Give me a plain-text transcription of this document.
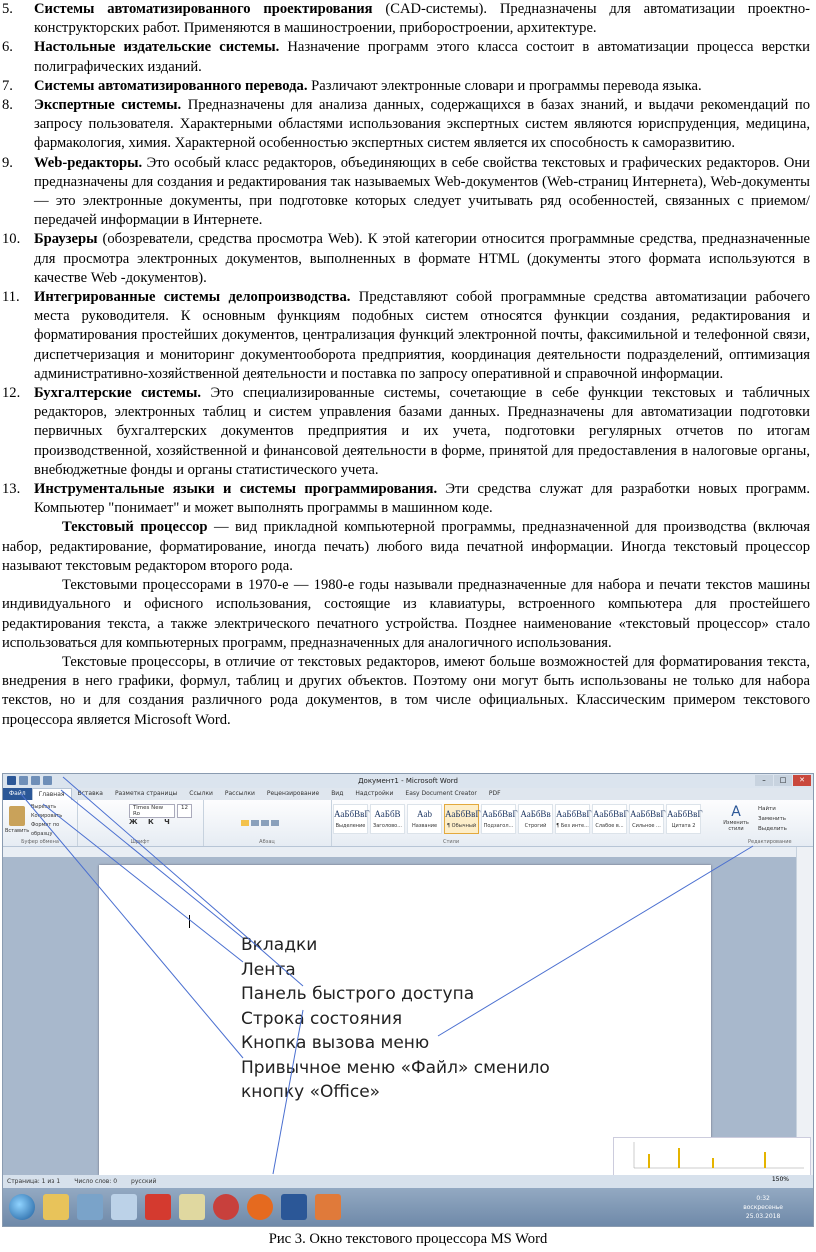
5. Системы автоматизированного проектирования (CAD-системы). Предназначены для автоматизации проектно-конструкторских работ. Применяются в машиностроении, приборостроении, архитектуре.

6. Настольные издательские системы. Назначение программ этого класса состоит в автоматизации процесса верстки полиграфических изданий.

7. Системы автоматизированного перевода. Различают электронные словари и программы перевода языка.

8. Экспертные системы. Предназначены для анализа данных, содержащихся в базах знаний, и выдачи рекомендаций по запросу пользователя. Характерными областями использования экспертных систем являются юриспруденция, медицина, фармакология, химия. Характерной особенностью экспертных систем является их способность к саморазвитию.

9. Web-редакторы. Это особый класс редакторов, объединяющих в себе свойства текстовых и графических редакторов. Они предназначены для создания и редактирования так называемых Web-документов (Web-страниц Интернета), Web-документы — это электронные документы, при подготовке которых следует учитывать ряд особенностей, связанных с приемом/передачей информации в Интернете.

10. Браузеры (обозреватели, средства просмотра Web). К этой категории относится программные средства, предназначенные для просмотра электронных документов, выполненных в формате HTML (документы этого формата используются в качестве Web -документов).

11. Интегрированные системы делопроизводства. Представляют собой программные средства автоматизации рабочего места руководителя. К основным функциям подобных систем относятся функции создания, редактирования и форматирования простейших документов, централизация функций электронной почты, факсимильной и телефонной связи, диспетчеризация и мониторинг документооборота предприятия, координация деятельности подразделений, оптимизация административно-хозяйственной деятельности и поставка по запросу оперативной и справочной информации.

12. Бухгалтерские системы. Это специализированные системы, сочетающие в себе функции текстовых и табличных редакторов, электронных таблиц и систем управления базами данных. Предназначены для автоматизации подготовки первичных бухгалтерских документов предприятия и их учета, подготовки регулярных отчетов по итогам производственной, хозяйственной и финансовой деятельности в форме, принятой для предоставления в налоговые органы, внебюджетные фонды и органы статистического учета.

13. Инструментальные языки и системы программирования. Эти средства служат для разработки новых программ. Компьютер "понимает" и может выполнять программы в машинном коде.

Текстовый процессор — вид прикладной компьютерной программы, предназначенной для производства (включая набор, редактирование, форматирование, иногда печать) любого вида печатной информации. Иногда текстовый процессор называют текстовым редактором второго рода.

Текстовыми процессорами в 1970-е — 1980-е годы называли предназначенные для набора и печати текстов машины индивидуального и офисного использования, состоящие из клавиатуры, встроенного компьютера для простейшего редактирования текста, а также электрического печатного устройства. Позднее наименование «текстовый процессор» стало использоваться для компьютерных программ, предназначенных для аналогичного использования.

Текстовые процессоры, в отличие от текстовых редакторов, имеют больше возможностей для форматирования текста, внедрения в него графики, формул, таблиц и других объектов. Поэтому они могут быть использованы не только для набора текстов, но и для создания различного рода документов, в том числе официальных. Классическим примером текстового процессора является Microsoft Word.

Документ1 - Microsoft Word	–	□	✕
Файл	Главная	Вставка	Разметка страницы	Ссылки	Рассылки	Рецензирование	Вид	Надстройки	Easy Document Creator	PDF
Вставить
Вырезать
Копировать
Формат по образцу
Буфер обмена
Times New Ro
12
Ж К Ч
Шрифт	Абзац
АаБбВвГ
Выделение
АаБбВ
Заголово...
Aab
Название
АаБбВвГ
¶ Обычный
АаБбВвГ
Подзагол...
АаБбВв
Строгий
АаБбВвГ
¶ Без инте...
АаБбВвГ
Слабое в...
АаБбВвГ
Сильное ...
АаБбВвГ
Цитата 2
A
Изменить стили
Найти
Заменить
Выделить
Стили	Редактирование
Вкладки
Лента
Панель быстрого доступа
Строка состояния
Кнопка вызова меню
Привычное меню «Файл» сменило
кнопку «Office»
Страница: 1 из 1 Число слов: 0 русский	150%
0:32
воскресенье
25.03.2018
Рис 3. Окно текстового процессора MS Word
